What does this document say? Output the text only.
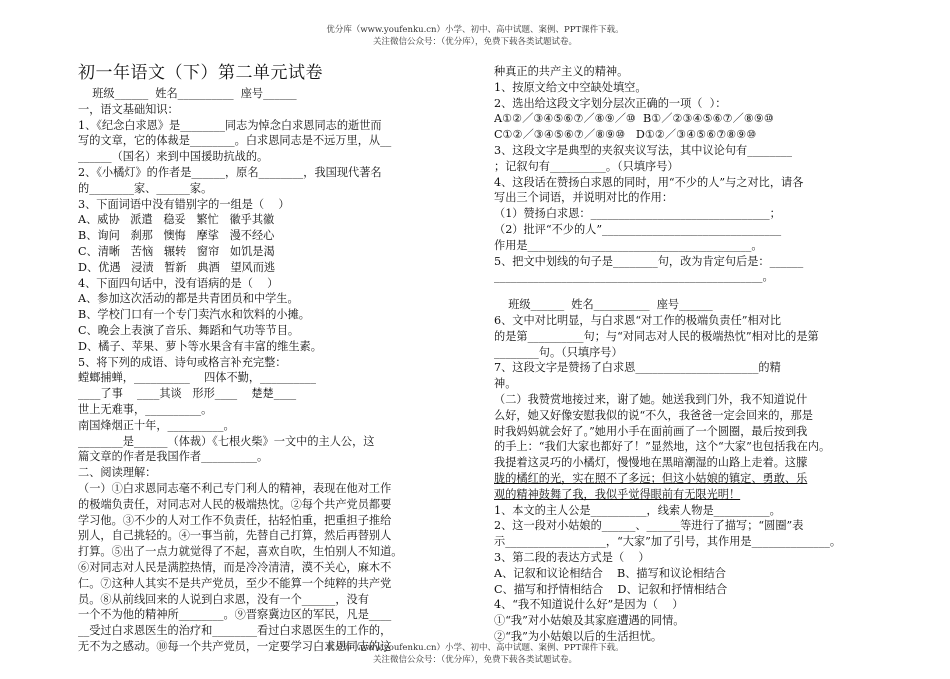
优分库（www.youfenku.cn）小学、初中、高中试题、案例、PPT课件下载。
关注微信公众号：（优分库），免费下载各类试题试卷。
初一年语文（下）第二单元试卷
班级______  姓名__________  座号______
一，语文基础知识：
1、《纪念白求恩》是________同志为悼念白求恩同志的逝世而
写的文章，它的体裁是________。白求恩同志是不远万里，从__
______（国名）来到中国援助抗战的。
2、《小橘灯》的作者是______，原名________，我国现代著名
的________家、______家。
3、下面词语中没有错别字的一组是（    ）
A、威协   派遣   稳妥   繁忙   徽乎其徽
B、询问   刹那   懊悔   摩挲   漫不经心
C、清晰   苦恼   辗转   窗帘   如饥是渴
D、优遇   浸渍   暂新   典酒   望风而逃
4、下面四句话中，没有语病的是（    ）
A、参加这次活动的都是共青团员和中学生。
B、学校门口有一个专门卖汽水和饮料的小摊。
C、晚会上表演了音乐、舞蹈和气功等节目。
D、橘子、苹果、萝卜等水果含有丰富的维生素。
5、将下列的成语、诗句或格言补充完整：
螳螂捕蝉，__________    四体不勤，__________
____了事    ____其谈   形形____    楚楚____
世上无难事，__________。
南国烽烟正十年，__________。
________是______（体裁）《七根火柴》一文中的主人公，这
篇文章的作者是我国作者__________。
二、阅读理解：
（一）①白求恩同志毫不利己专门利人的精神，表现在他对工作
的极端负责任，对同志对人民的极端热忱。②每个共产党员都要
学习他。③不少的人对工作不负责任，拈轻怕重，把重担子推给
别人，自己挑轻的。④一事当前，先替自己打算，然后再替别人
打算。⑤出了一点力就觉得了不起，喜欢自吹，生怕别人不知道。
⑥对同志对人民是满腔热情，而是冷冷清清，漠不关心，麻木不
仁。⑦这种人其实不是共产党员，至少不能算一个纯粹的共产党
员。⑧从前线回来的人说到白求恩，没有一个______，没有
一个不为他的精神所________。⑨晋察冀边区的军民，凡是____
__受过白求恩医生的治疗和________看过白求恩医生的工作的，
无不为之感动。⑩每一个共产党员，一定要学习白求恩同志的这
种真正的共产主义的精神。
1、按原文给文中空缺处填空。
2、选出给这段文字划分层次正确的一项（  ）：
A①②／③④⑤⑥⑦／⑧⑨／⑩  B①／②③④⑤⑥⑦／⑧⑨⑩
C①②／③④⑤⑥⑦／⑧⑨⑩   D①②／③④⑤⑥⑦⑧⑨⑩
3、这段文字是典型的夹叙夹议写法，其中议论句有________
；记叙句有__________。（只填序号）
4、这段话在赞扬白求恩的同时，用“不少的人”与之对比，请各
写出三个词语，并说明对比的作用：
（1）赞扬白求恩：________________________________；
（2）批评“不少的人”________________________________
作用是________________________________________。
5、把文中划线的句子是________句，改为肯定句后是：______
________________________________________________。
班级______  姓名__________  座号______
6、文中对比明显，与白求恩“对工作的极端负责任”相对比
的是第__________句；与“对同志对人民的极端热忱”相对比的是第
________句。（只填序号）
7、这段文字是赞扬了白求恩______________________的精
神。
（二）我赞赏地接过来，谢了她。她送我到门外，我不知道说什
么好，她又好像安慰我似的说“不久，我爸爸一定会回来的，那是
时我妈妈就会好了。”她用小手在面前画了一个圆圈，最后按到我
的手上：“我们大家也都好了！”显然地，这个“大家”也包括我在内。
我提着这灵巧的小橘灯，慢慢地在黑暗潮湿的山路上走着。这朦
胧的橘红的光，实在照不了多远；但这小姑娘的镇定、勇敢、乐
观的精神鼓舞了我，我似乎觉得眼前有无限光明！
1、本文的主人公是__________，线索人物是__________。
2、这一段对小姑娘的______、______等进行了描写；“圆圈”表
示__________________，“大家”加了引号，其作用是______________。
3、第二段的表达方式是（    ）
A、记叙和议论相结合    B、描写和议论相结合
C、描写和抒情相结合    D、记叙和抒情相结合
4、“我不知道说什么好”是因为（    ）
①“我”对小姑娘及其家庭遭遇的同情。
②“我”为小姑娘以后的生活担忧。
优分库（www.youfenku.cn）小学、初中、高中试题、案例、PPT课件下载。
关注微信公众号：（优分库），免费下载各类试题试卷。
